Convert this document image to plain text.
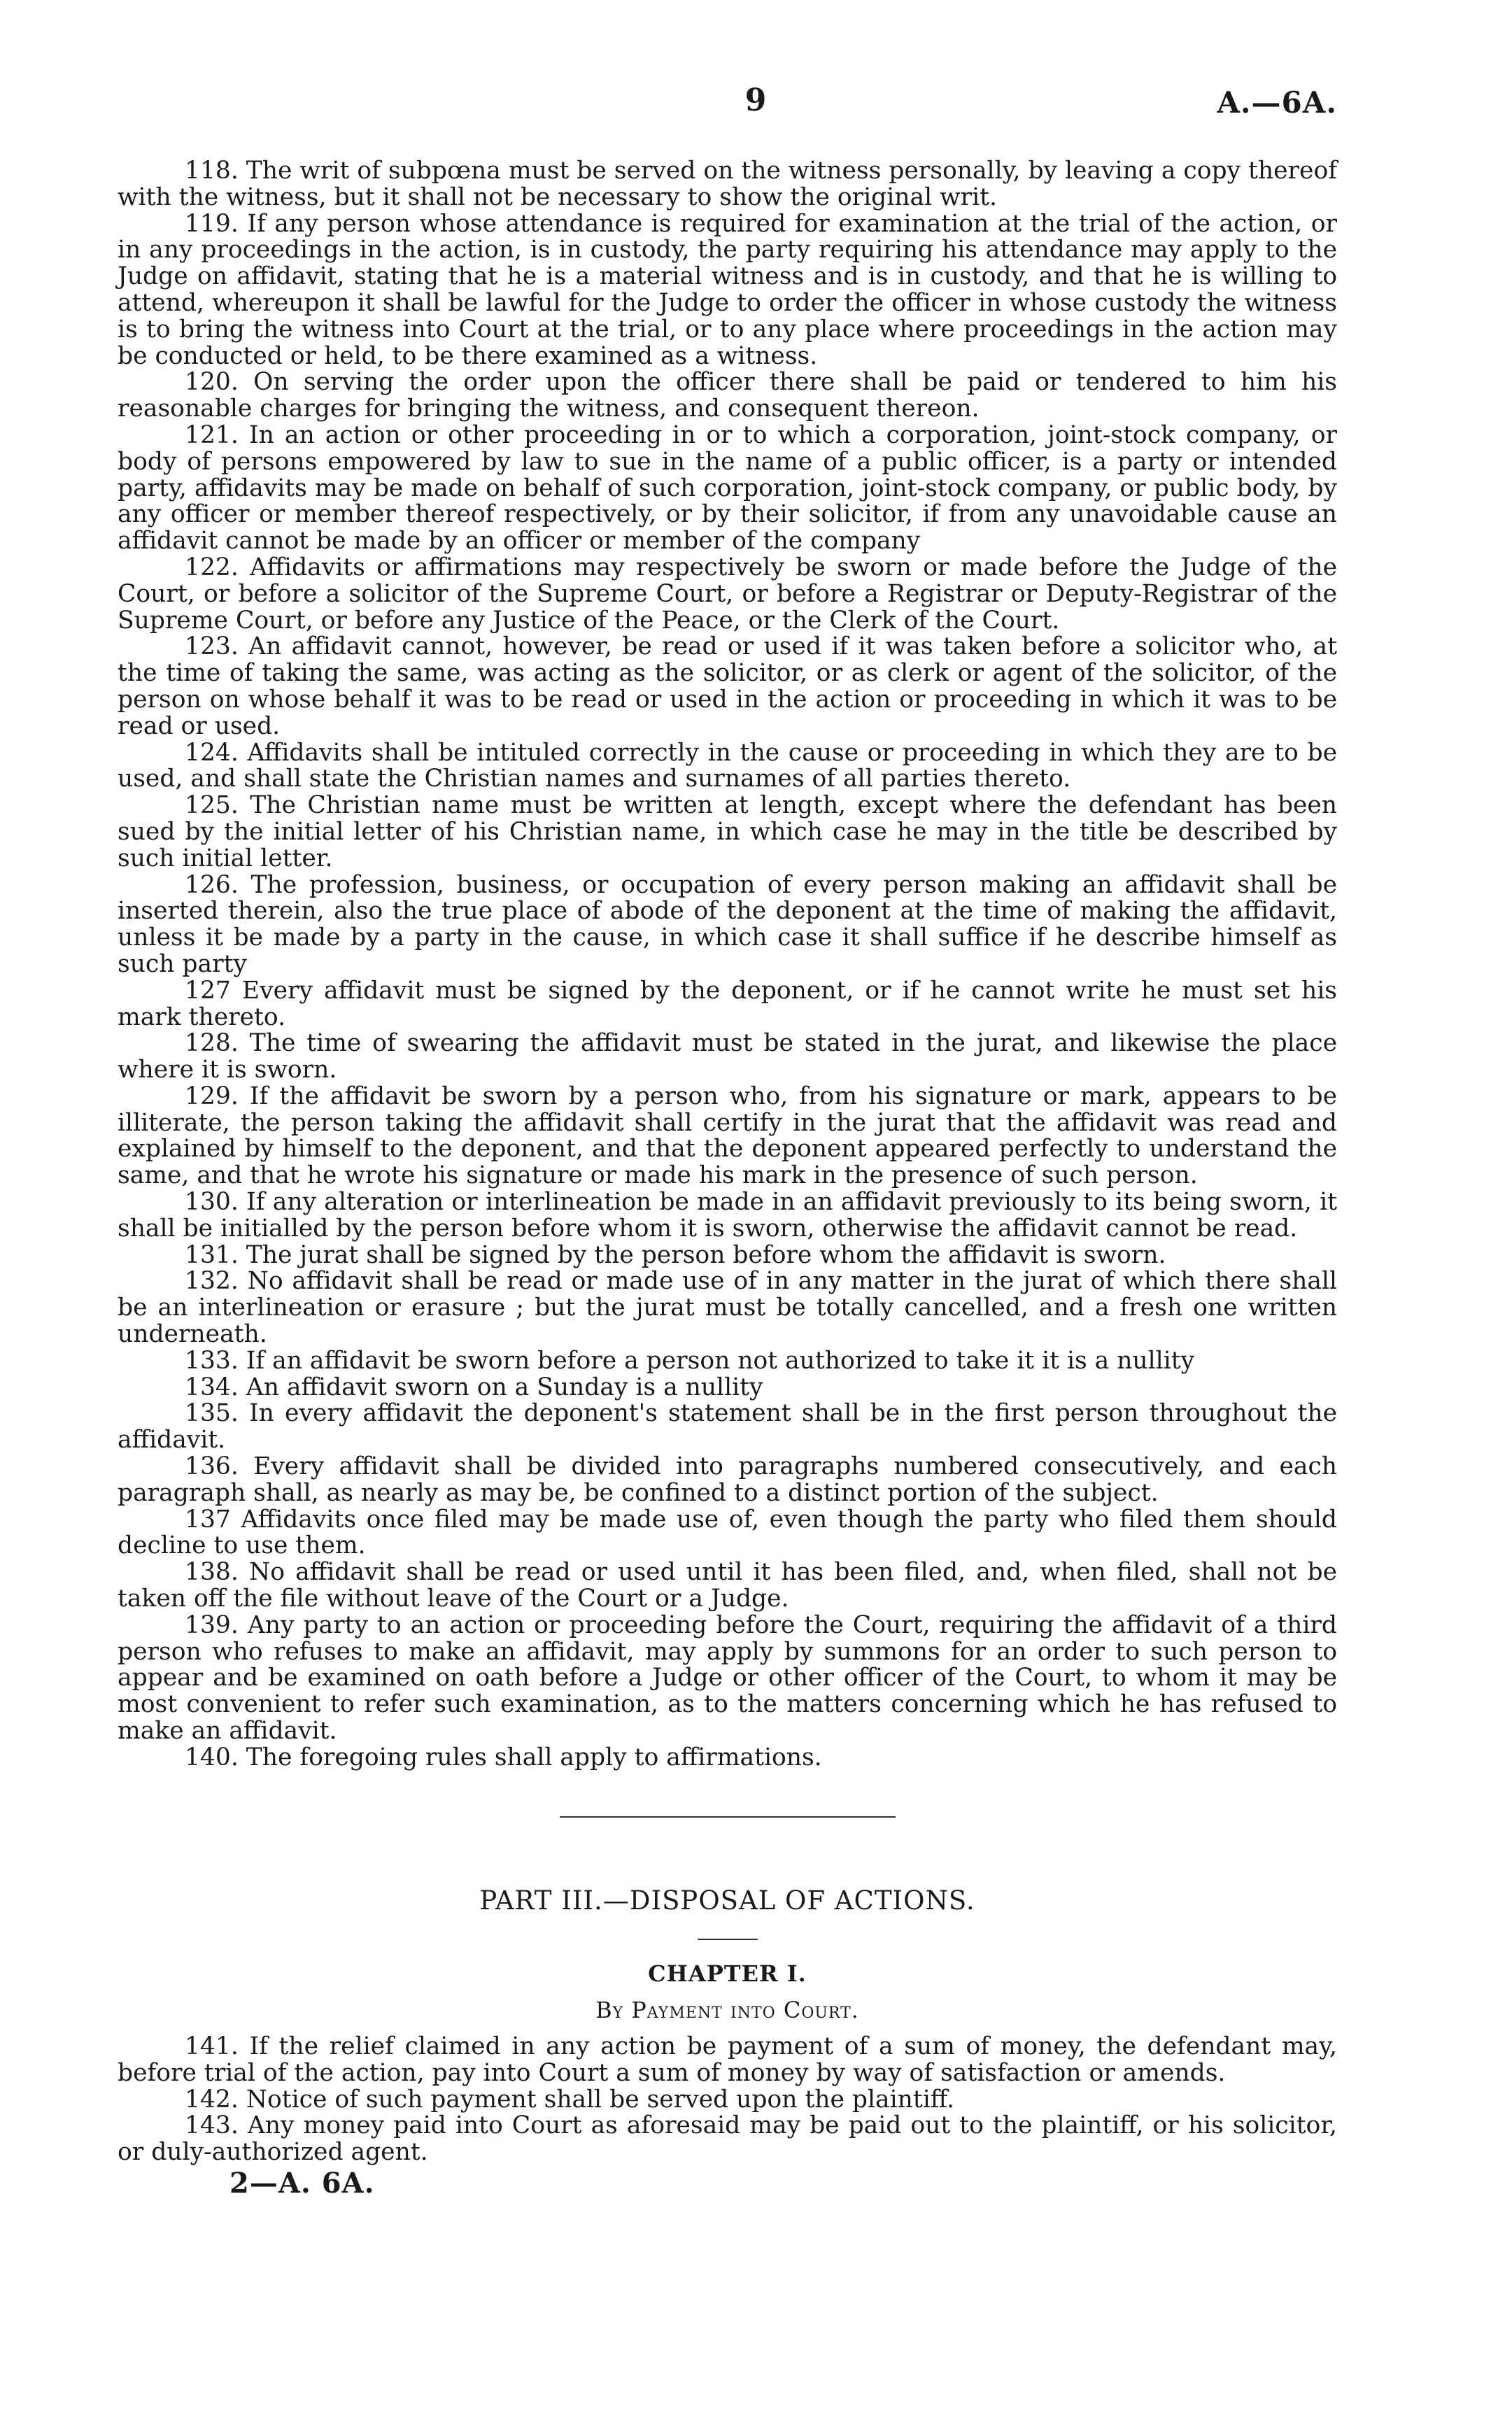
9	A.—6A.

118. The writ of subpœna must be served on the witness personally, by leaving a copy thereof with the witness, but it shall not be necessary to show the original writ.

119. If any person whose attendance is required for examination at the trial of the action, or in any proceedings in the action, is in custody, the party requiring his attendance may apply to the Judge on affidavit, stating that he is a material witness and is in custody, and that he is willing to attend, whereupon it shall be lawful for the Judge to order the officer in whose custody the witness is to bring the witness into Court at the trial, or to any place where proceedings in the action may be conducted or held, to be there examined as a witness.

120. On serving the order upon the officer there shall be paid or tendered to him his reasonable charges for bringing the witness, and consequent thereon.

121. In an action or other proceeding in or to which a corporation, joint-stock company, or body of persons empowered by law to sue in the name of a public officer, is a party or intended party, affidavits may be made on behalf of such corporation, joint-stock company, or public body, by any officer or member thereof respectively, or by their solicitor, if from any unavoidable cause an affidavit cannot be made by an officer or member of the company

122. Affidavits or affirmations may respectively be sworn or made before the Judge of the Court, or before a solicitor of the Supreme Court, or before a Registrar or Deputy-Registrar of the Supreme Court, or before any Justice of the Peace, or the Clerk of the Court.

123. An affidavit cannot, however, be read or used if it was taken before a solicitor who, at the time of taking the same, was acting as the solicitor, or as clerk or agent of the solicitor, of the person on whose behalf it was to be read or used in the action or proceeding in which it was to be read or used.

124. Affidavits shall be intituled correctly in the cause or proceeding in which they are to be used, and shall state the Christian names and surnames of all parties thereto.

125. The Christian name must be written at length, except where the defendant has been sued by the initial letter of his Christian name, in which case he may in the title be described by such initial letter.

126. The profession, business, or occupation of every person making an affidavit shall be inserted therein, also the true place of abode of the deponent at the time of making the affidavit, unless it be made by a party in the cause, in which case it shall suffice if he describe himself as such party

127 Every affidavit must be signed by the deponent, or if he cannot write he must set his mark thereto.

128. The time of swearing the affidavit must be stated in the jurat, and likewise the place where it is sworn.

129. If the affidavit be sworn by a person who, from his signature or mark, appears to be illiterate, the person taking the affidavit shall certify in the jurat that the affidavit was read and explained by himself to the deponent, and that the deponent appeared perfectly to understand the same, and that he wrote his signature or made his mark in the presence of such person.

130. If any alteration or interlineation be made in an affidavit previously to its being sworn, it shall be initialled by the person before whom it is sworn, otherwise the affidavit cannot be read.

131. The jurat shall be signed by the person before whom the affidavit is sworn.

132. No affidavit shall be read or made use of in any matter in the jurat of which there shall be an interlineation or erasure ; but the jurat must be totally cancelled, and a fresh one written underneath.

133. If an affidavit be sworn before a person not authorized to take it it is a nullity

134. An affidavit sworn on a Sunday is a nullity

135. In every affidavit the deponent's statement shall be in the first person throughout the affidavit.

136. Every affidavit shall be divided into paragraphs numbered consecutively, and each paragraph shall, as nearly as may be, be confined to a distinct portion of the subject.

137 Affidavits once filed may be made use of, even though the party who filed them should decline to use them.

138. No affidavit shall be read or used until it has been filed, and, when filed, shall not be taken off the file without leave of the Court or a Judge.

139. Any party to an action or proceeding before the Court, requiring the affidavit of a third person who refuses to make an affidavit, may apply by summons for an order to such person to appear and be examined on oath before a Judge or other officer of the Court, to whom it may be most convenient to refer such examination, as to the matters concerning which he has refused to make an affidavit.

140. The foregoing rules shall apply to affirmations.

PART III.—DISPOSAL OF ACTIONS.
CHAPTER I.
By Payment into Court.

141. If the relief claimed in any action be payment of a sum of money, the defendant may, before trial of the action, pay into Court a sum of money by way of satisfaction or amends.

142. Notice of such payment shall be served upon the plaintiff.

143. Any money paid into Court as aforesaid may be paid out to the plaintiff, or his solicitor, or duly-authorized agent.

2—A. 6A.
